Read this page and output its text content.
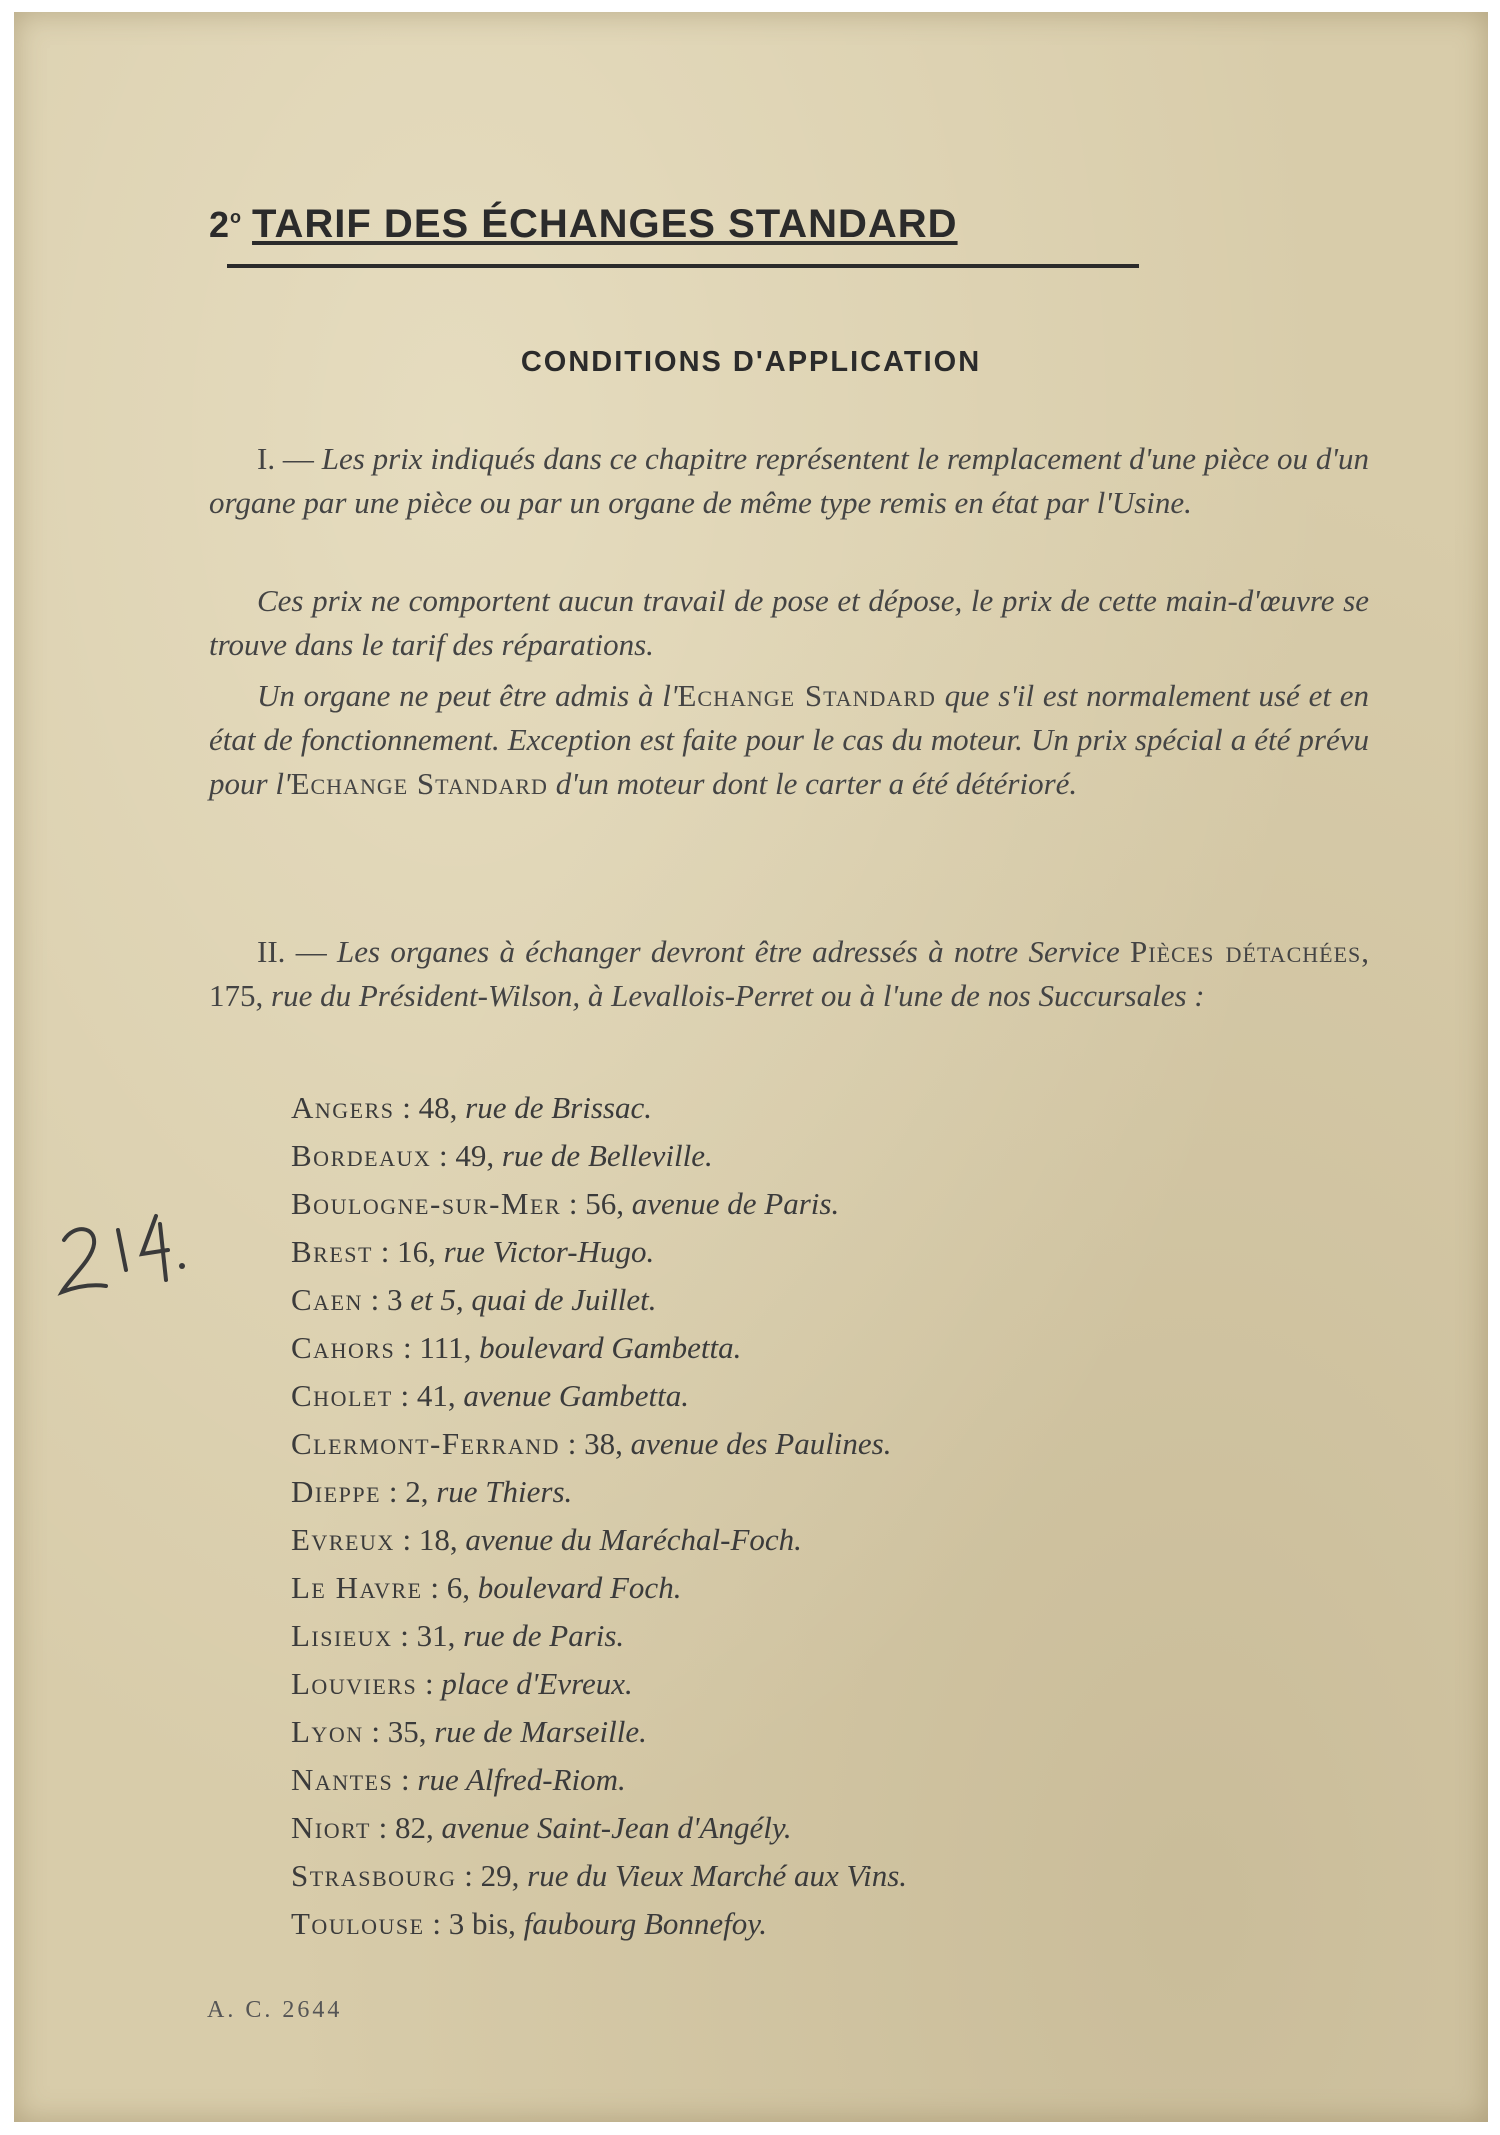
2$^o$ TARIF DES ÉCHANGES STANDARD
CONDITIONS D'APPLICATION
I. — Les prix indiqués dans ce chapitre représentent le remplacement d'une pièce ou d'un organe par une pièce ou par un organe de même type remis en état par l'Usine.
Ces prix ne comportent aucun travail de pose et dépose, le prix de cette main-d'œuvre se trouve dans le tarif des réparations.
Un organe ne peut être admis à l'Echange Standard que s'il est normalement usé et en état de fonctionnement. Exception est faite pour le cas du moteur. Un prix spécial a été prévu pour l'Echange Standard d'un moteur dont le carter a été détérioré.
II. — Les organes à échanger devront être adressés à notre Service Pièces détachées, 175, rue du Président-Wilson, à Levallois-Perret ou à l'une de nos Succursales :
Angers : 48, rue de Brissac.
Bordeaux : 49, rue de Belleville.
Boulogne-sur-Mer : 56, avenue de Paris.
Brest : 16, rue Victor-Hugo.
Caen : 3 et 5, quai de Juillet.
Cahors : 111, boulevard Gambetta.
Cholet : 41, avenue Gambetta.
Clermont-Ferrand : 38, avenue des Paulines.
Dieppe : 2, rue Thiers.
Evreux : 18, avenue du Maréchal-Foch.
Le Havre : 6, boulevard Foch.
Lisieux : 31, rue de Paris.
Louviers : place d'Evreux.
Lyon : 35, rue de Marseille.
Nantes : rue Alfred-Riom.
Niort : 82, avenue Saint-Jean d'Angély.
Strasbourg : 29, rue du Vieux Marché aux Vins.
Toulouse : 3 bis, faubourg Bonnefoy.
A. C. 2644
